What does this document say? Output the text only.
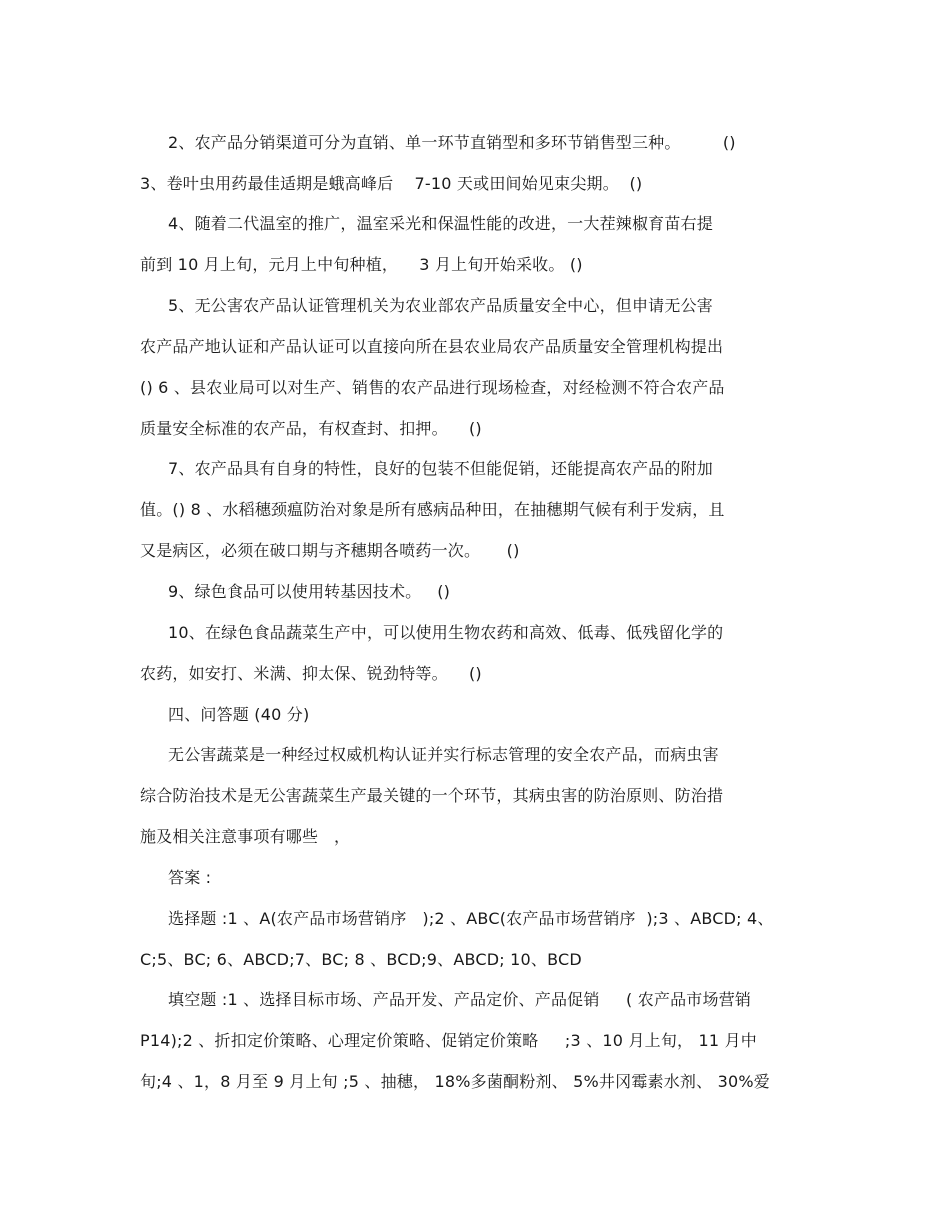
2、农产品分销渠道可分为直销、单一环节直销型和多环节销售型三种。        ()
3、卷叶虫用药最佳适期是蛾高峰后    7-10 天或田间始见束尖期。  ()
4、随着二代温室的推广，温室采光和保温性能的改进，一大茬辣椒育苗右提
前到 10 月上旬，元月上中旬种植，    3 月上旬开始采收。 ()
5、无公害农产品认证管理机关为农业部农产品质量安全中心，但申请无公害
农产品产地认证和产品认证可以直接向所在县农业局农产品质量安全管理机构提出
() 6 、县农业局可以对生产、销售的农产品进行现场检查，对经检测不符合农产品
质量安全标准的农产品，有权查封、扣押。    ()
7、农产品具有自身的特性，良好的包装不但能促销，还能提高农产品的附加
值。() 8 、水稻穗颈瘟防治对象是所有感病品种田，在抽穗期气候有利于发病，且
又是病区，必须在破口期与齐穗期各喷药一次。     ()
9、绿色食品可以使用转基因技术。   ()
10、在绿色食品蔬菜生产中，可以使用生物农药和高效、低毒、低残留化学的
农药，如安打、米满、抑太保、锐劲特等。    ()
四、问答题 (40 分)
无公害蔬菜是一种经过权威机构认证并实行标志管理的安全农产品，而病虫害
综合防治技术是无公害蔬菜生产最关键的一个环节，其病虫害的防治原则、防治措
施及相关注意事项有哪些   ，
答案 :
选择题 :1 、A(农产品市场营销序   );2 、ABC(农产品市场营销序  );3 、ABCD; 4、
C;5、BC; 6、ABCD;7、BC; 8 、BCD;9、ABCD; 10、BCD
填空题 :1 、选择目标市场、产品开发、产品定价、产品促销     ( 农产品市场营销
P14);2 、折扣定价策略、心理定价策略、促销定价策略     ;3 、10 月上旬， 11 月中
旬;4 、1，8 月至 9 月上旬 ;5 、抽穗， 18%多菌酮粉剂、 5%井冈霉素水剂、 30%爱
